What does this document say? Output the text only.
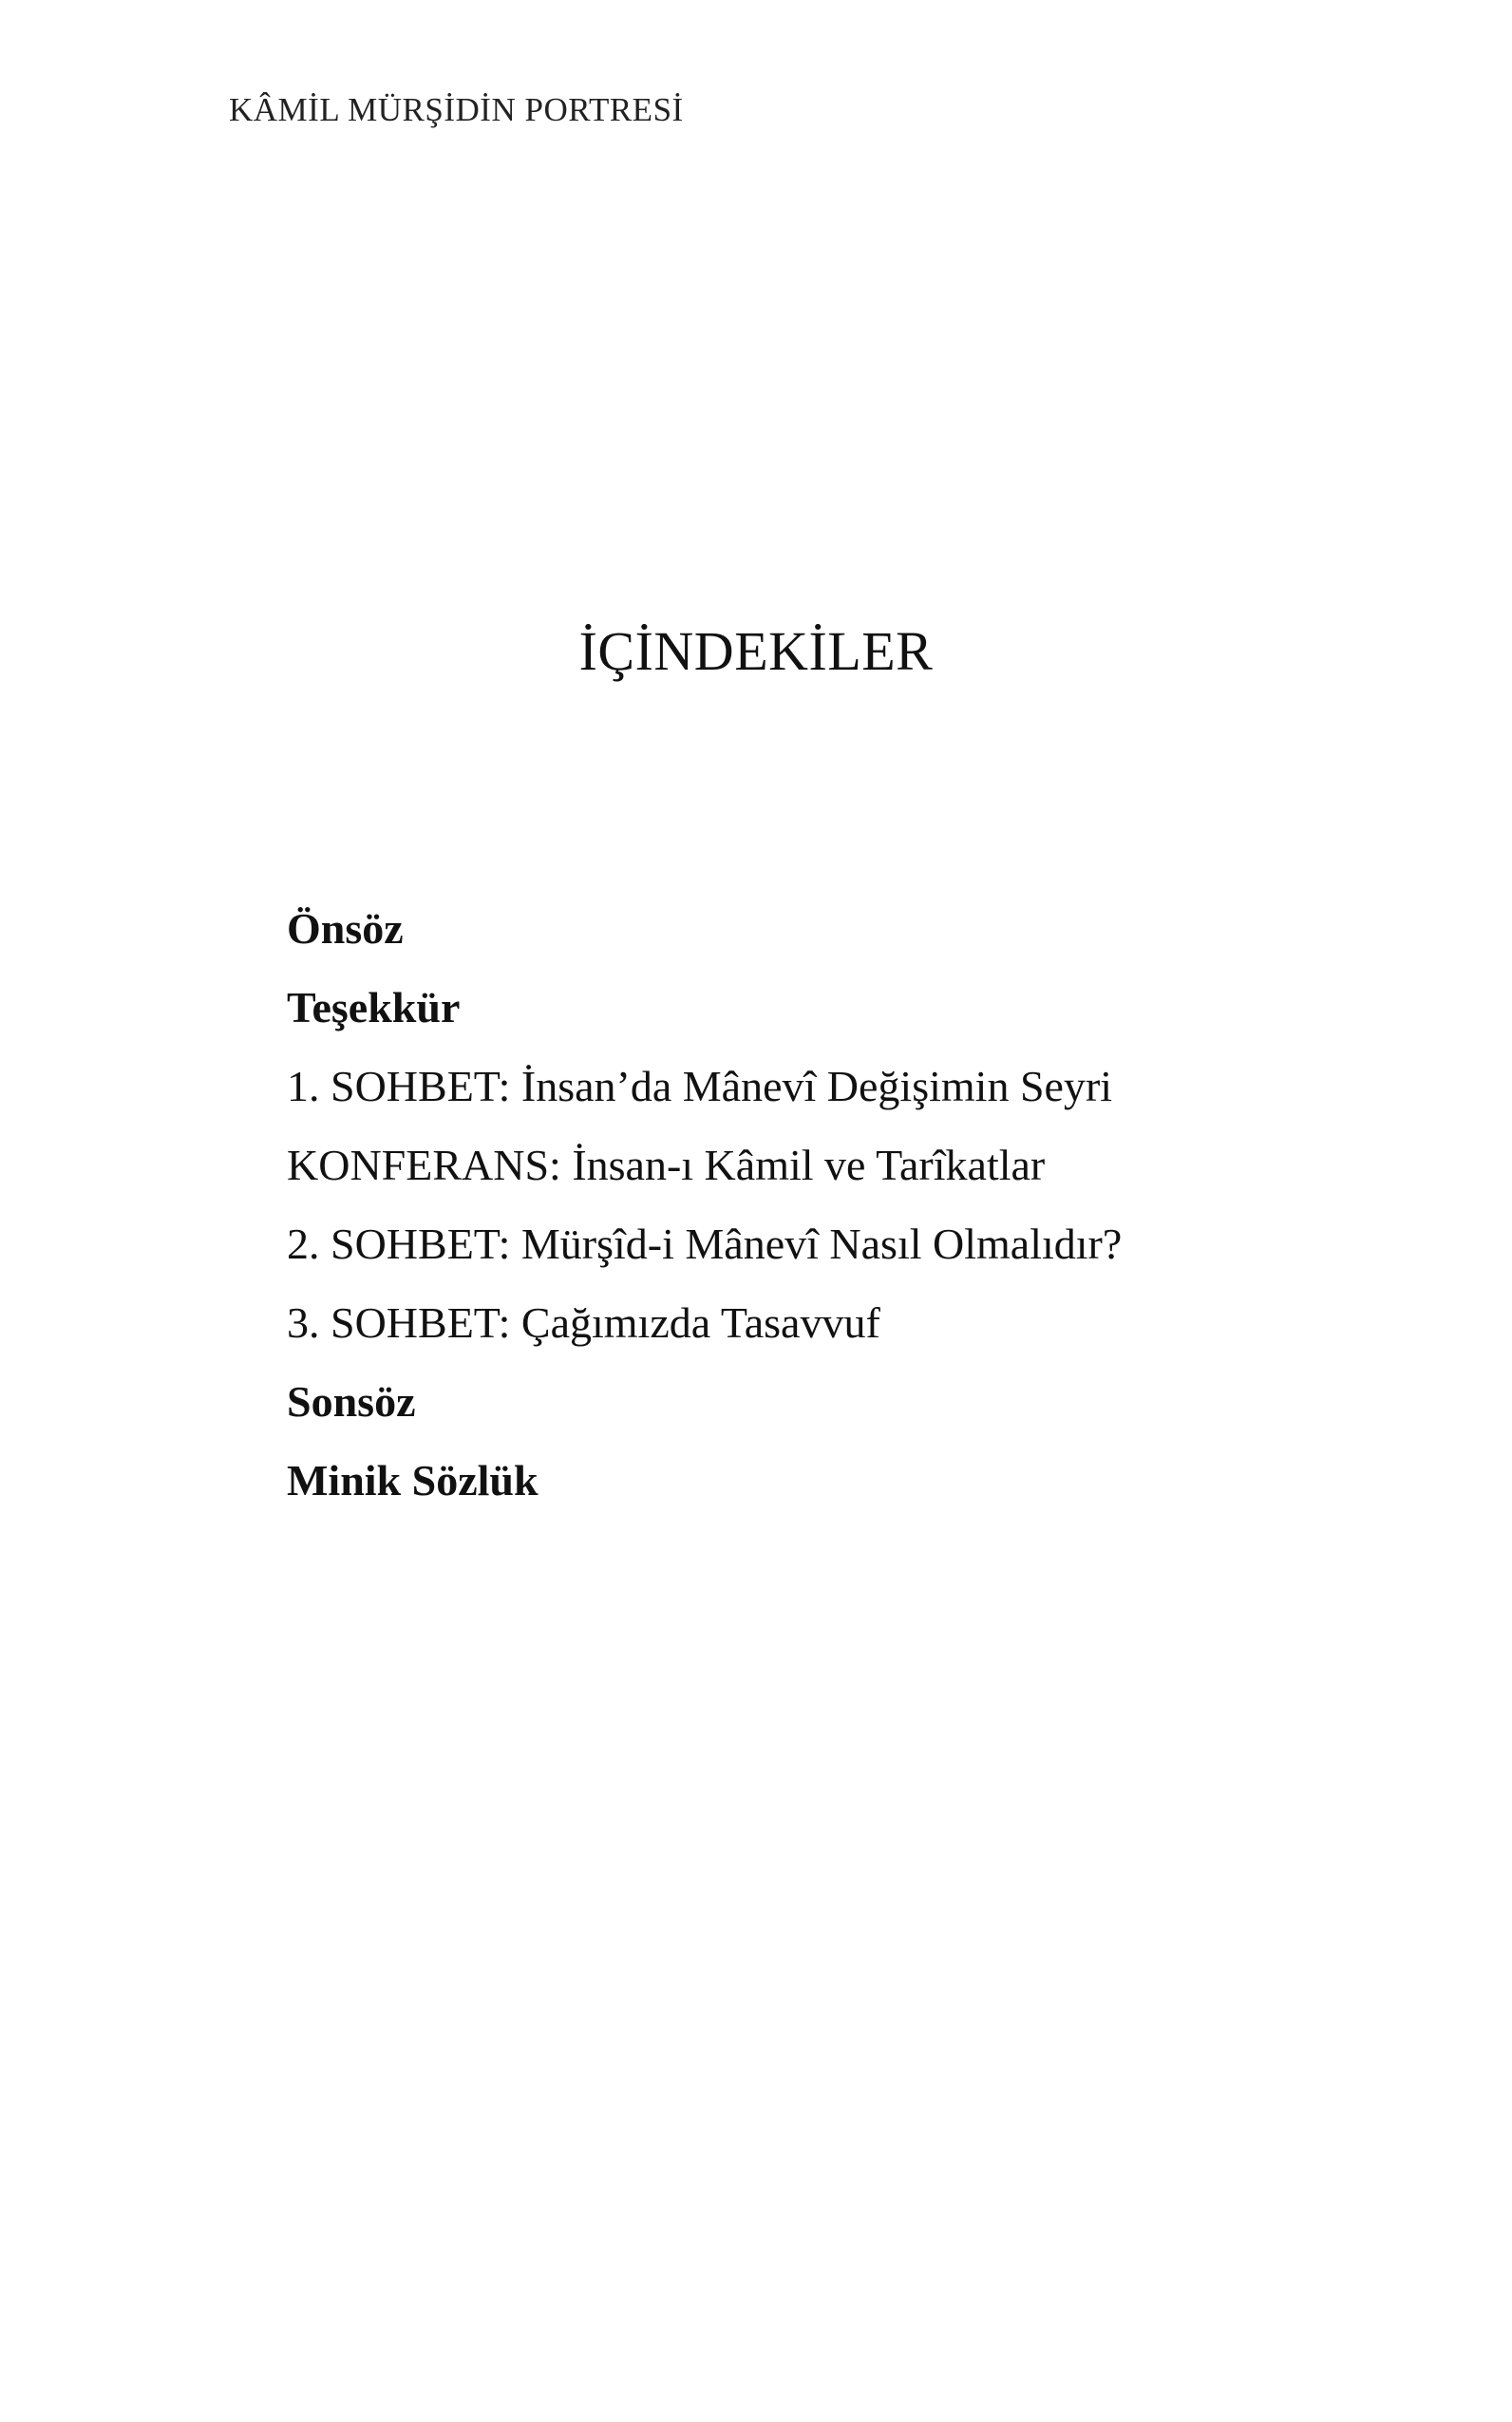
KÂMİL MÜRŞİDİN PORTRESİ
İÇİNDEKİLER
Önsöz
Teşekkür
1. SOHBET: İnsan’da Mânevî Değişimin Seyri
KONFERANS: İnsan-ı Kâmil ve Tarîkatlar
2. SOHBET: Mürşîd-i Mânevî Nasıl Olmalıdır?
3. SOHBET: Çağımızda Tasavvuf
Sonsöz
Minik Sözlük
